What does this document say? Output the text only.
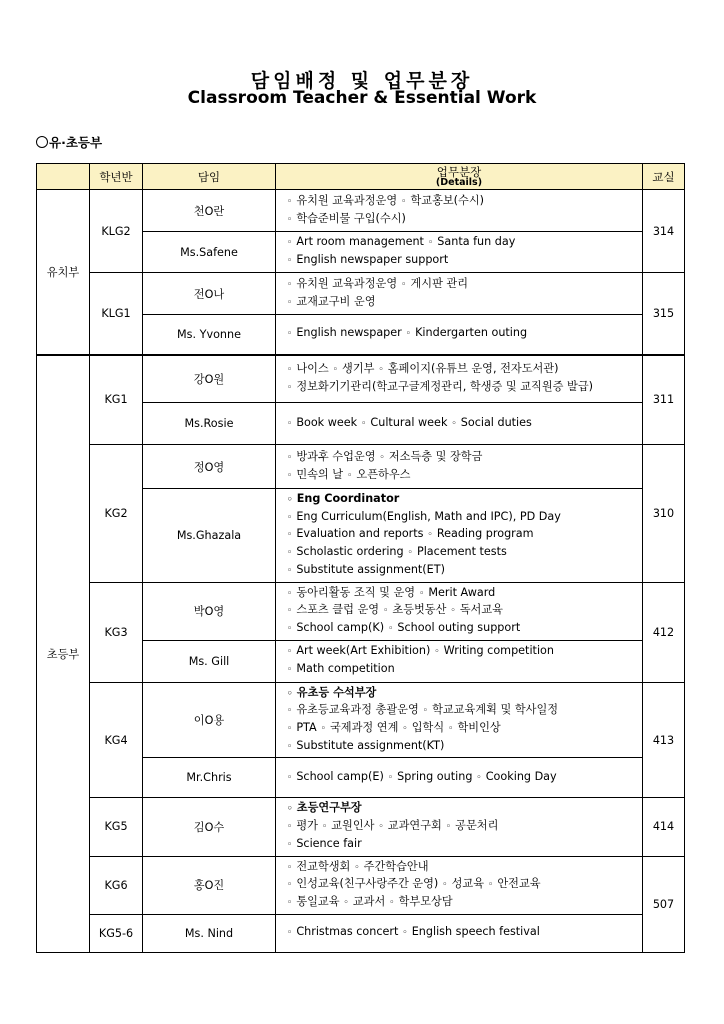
담임배정 및 업무분장
Classroom Teacher & Essential Work
유·초등부
	학년반	담임	업무분장
(Details)	교실
유치부	KLG2	천O란	◦ 유치원 교육과정운영 ◦ 학교홍보(수시)
◦ 학습준비물 구입(수시)	314
		Ms.Safene	◦ Art room management ◦ Santa fun day
◦ English newspaper support	

	KLG1	전O나	◦ 유치원 교육과정운영 ◦ 게시판 관리
◦ 교재교구비 운영	315
		Ms. Yvonne	◦ English newspaper ◦ Kindergarten outing	

초등부	KG1	강O원	◦ 나이스 ◦ 생기부 ◦ 홈페이지(유튜브 운영, 전자도서관)
◦ 정보화기기관리(학교구글계정관리, 학생증 및 교직원증 발급)	311
		Ms.Rosie	◦ Book week ◦ Cultural week ◦ Social duties	

	KG2	정O영	◦ 방과후 수업운영 ◦ 저소득층 및 장학금
◦ 민속의 날 ◦ 오픈하우스	310
		Ms.Ghazala	◦ Eng Coordinator
◦ Eng Curriculum(English, Math and IPC), PD Day
◦ Evaluation and reports ◦ Reading program
◦ Scholastic ordering ◦ Placement tests
◦ Substitute assignment(ET)	

	KG3	박O영	◦ 동아리활동 조직 및 운영 ◦ Merit Award
◦ 스포츠 클럽 운영 ◦ 초등벗동산 ◦ 독서교육
◦ School camp(K) ◦ School outing support	412
		Ms. Gill	◦ Art week(Art Exhibition) ◦ Writing competition
◦ Math competition	

	KG4	이O용	◦ 유초등 수석부장
◦ 유초등교육과정 총괄운영 ◦ 학교교육계획 및 학사일정
◦ PTA ◦ 국제과정 연계 ◦ 입학식 ◦ 학비인상
◦ Substitute assignment(KT)	413
		Mr.Chris	◦ School camp(E) ◦ Spring outing ◦ Cooking Day	

	KG5	김O수	◦ 초등연구부장
◦ 평가 ◦ 교원인사 ◦ 교과연구회 ◦ 공문처리
◦ Science fair	414
	KG6	홍O진	◦ 전교학생회 ◦ 주간학습안내
◦ 인성교육(친구사랑주간 운영) ◦ 성교육 ◦ 안전교육
◦ 통일교육 ◦ 교과서 ◦ 학부모상담	507
	KG5-6	Ms. Nind	◦ Christmas concert ◦ English speech festival	
